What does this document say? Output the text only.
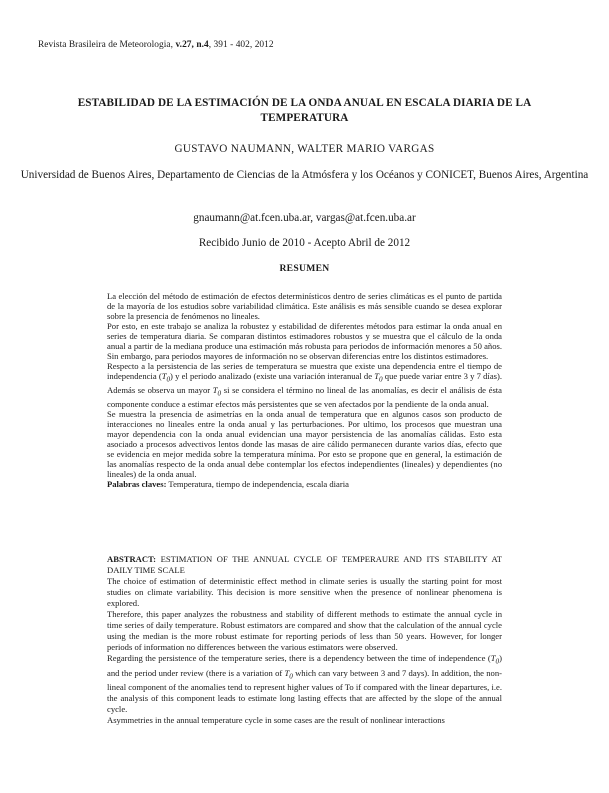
Revista Brasileira de Meteorologia, v.27, n.4, 391 - 402, 2012
ESTABILIDAD DE LA ESTIMACIÓN DE LA ONDA ANUAL EN ESCALA DIARIA DE LA TEMPERATURA
GUSTAVO NAUMANN, WALTER MARIO VARGAS
Universidad de Buenos Aires, Departamento de Ciencias de la Atmósfera y los Océanos y CONICET, Buenos Aires, Argentina
gnaumann@at.fcen.uba.ar, vargas@at.fcen.uba.ar
Recibido Junio de 2010 - Acepto Abril de 2012
RESUMEN

La elección del método de estimación de efectos determinísticos dentro de series climáticas es el punto de partida de la mayoría de los estudios sobre variabilidad climática. Este análisis es más sensible cuando se desea explorar sobre la presencia de fenómenos no lineales.

Por esto, en este trabajo se analiza la robustez y estabilidad de diferentes métodos para estimar la onda anual en series de temperatura diaria. Se comparan distintos estimadores robustos y se muestra que el cálculo de la onda anual a partir de la mediana produce una estimación más robusta para periodos de información menores a 50 años. Sin embargo, para periodos mayores de información no se observan diferencias entre los distintos estimadores.

Respecto a la persistencia de las series de temperatura se muestra que existe una dependencia entre el tiempo de independencia $(T_0)$ y el periodo analizado (existe una variación interanual de $T_0$ que puede variar entre 3 y 7 días). Además se observa un mayor $T_0$ si se considera el término no lineal de las anomalías, es decir el análisis de ésta componente conduce a estimar efectos más persistentes que se ven afectados por la pendiente de la onda anual.

Se muestra la presencia de asimetrías en la onda anual de temperatura que en algunos casos son producto de interacciones no lineales entre la onda anual y las perturbaciones. Por ultimo, los procesos que muestran una mayor dependencia con la onda anual evidencian una mayor persistencia de las anomalías cálidas. Esto esta asociado a procesos advectivos lentos donde las masas de aire cálido permanecen durante varios días, efecto que se evidencia en mejor medida sobre la temperatura mínima. Por esto se propone que en general, la estimación de las anomalías respecto de la onda anual debe contemplar los efectos independientes (lineales) y dependientes (no lineales) de la onda anual.

Palabras claves: Temperatura, tiempo de independencia, escala diaria

ABSTRACT: ESTIMATION OF THE ANNUAL CYCLE OF TEMPERAURE AND ITS STABILITY AT DAILY TIME SCALE

The choice of estimation of deterministic effect method in climate series is usually the starting point for most studies on climate variability. This decision is more sensitive when the presence of nonlinear phenomena is explored.

Therefore, this paper analyzes the robustness and stability of different methods to estimate the annual cycle in time series of daily temperature. Robust estimators are compared and show that the calculation of the annual cycle using the median is the more robust estimate for reporting periods of less than 50 years. However, for longer periods of information no differences between the various estimators were observed.

Regarding the persistence of the temperature series, there is a dependency between the time of independence $(T_0)$ and the period under review (there is a variation of $T_0$ which can vary between 3 and 7 days). In addition, the non-lineal component of the anomalies tend to represent higher values of To if compared with the linear departures, i.e. the analysis of this component leads to estimate long lasting effects that are affected by the slope of the annual cycle.

Asymmetries in the annual temperature cycle in some cases are the result of nonlinear interactions
